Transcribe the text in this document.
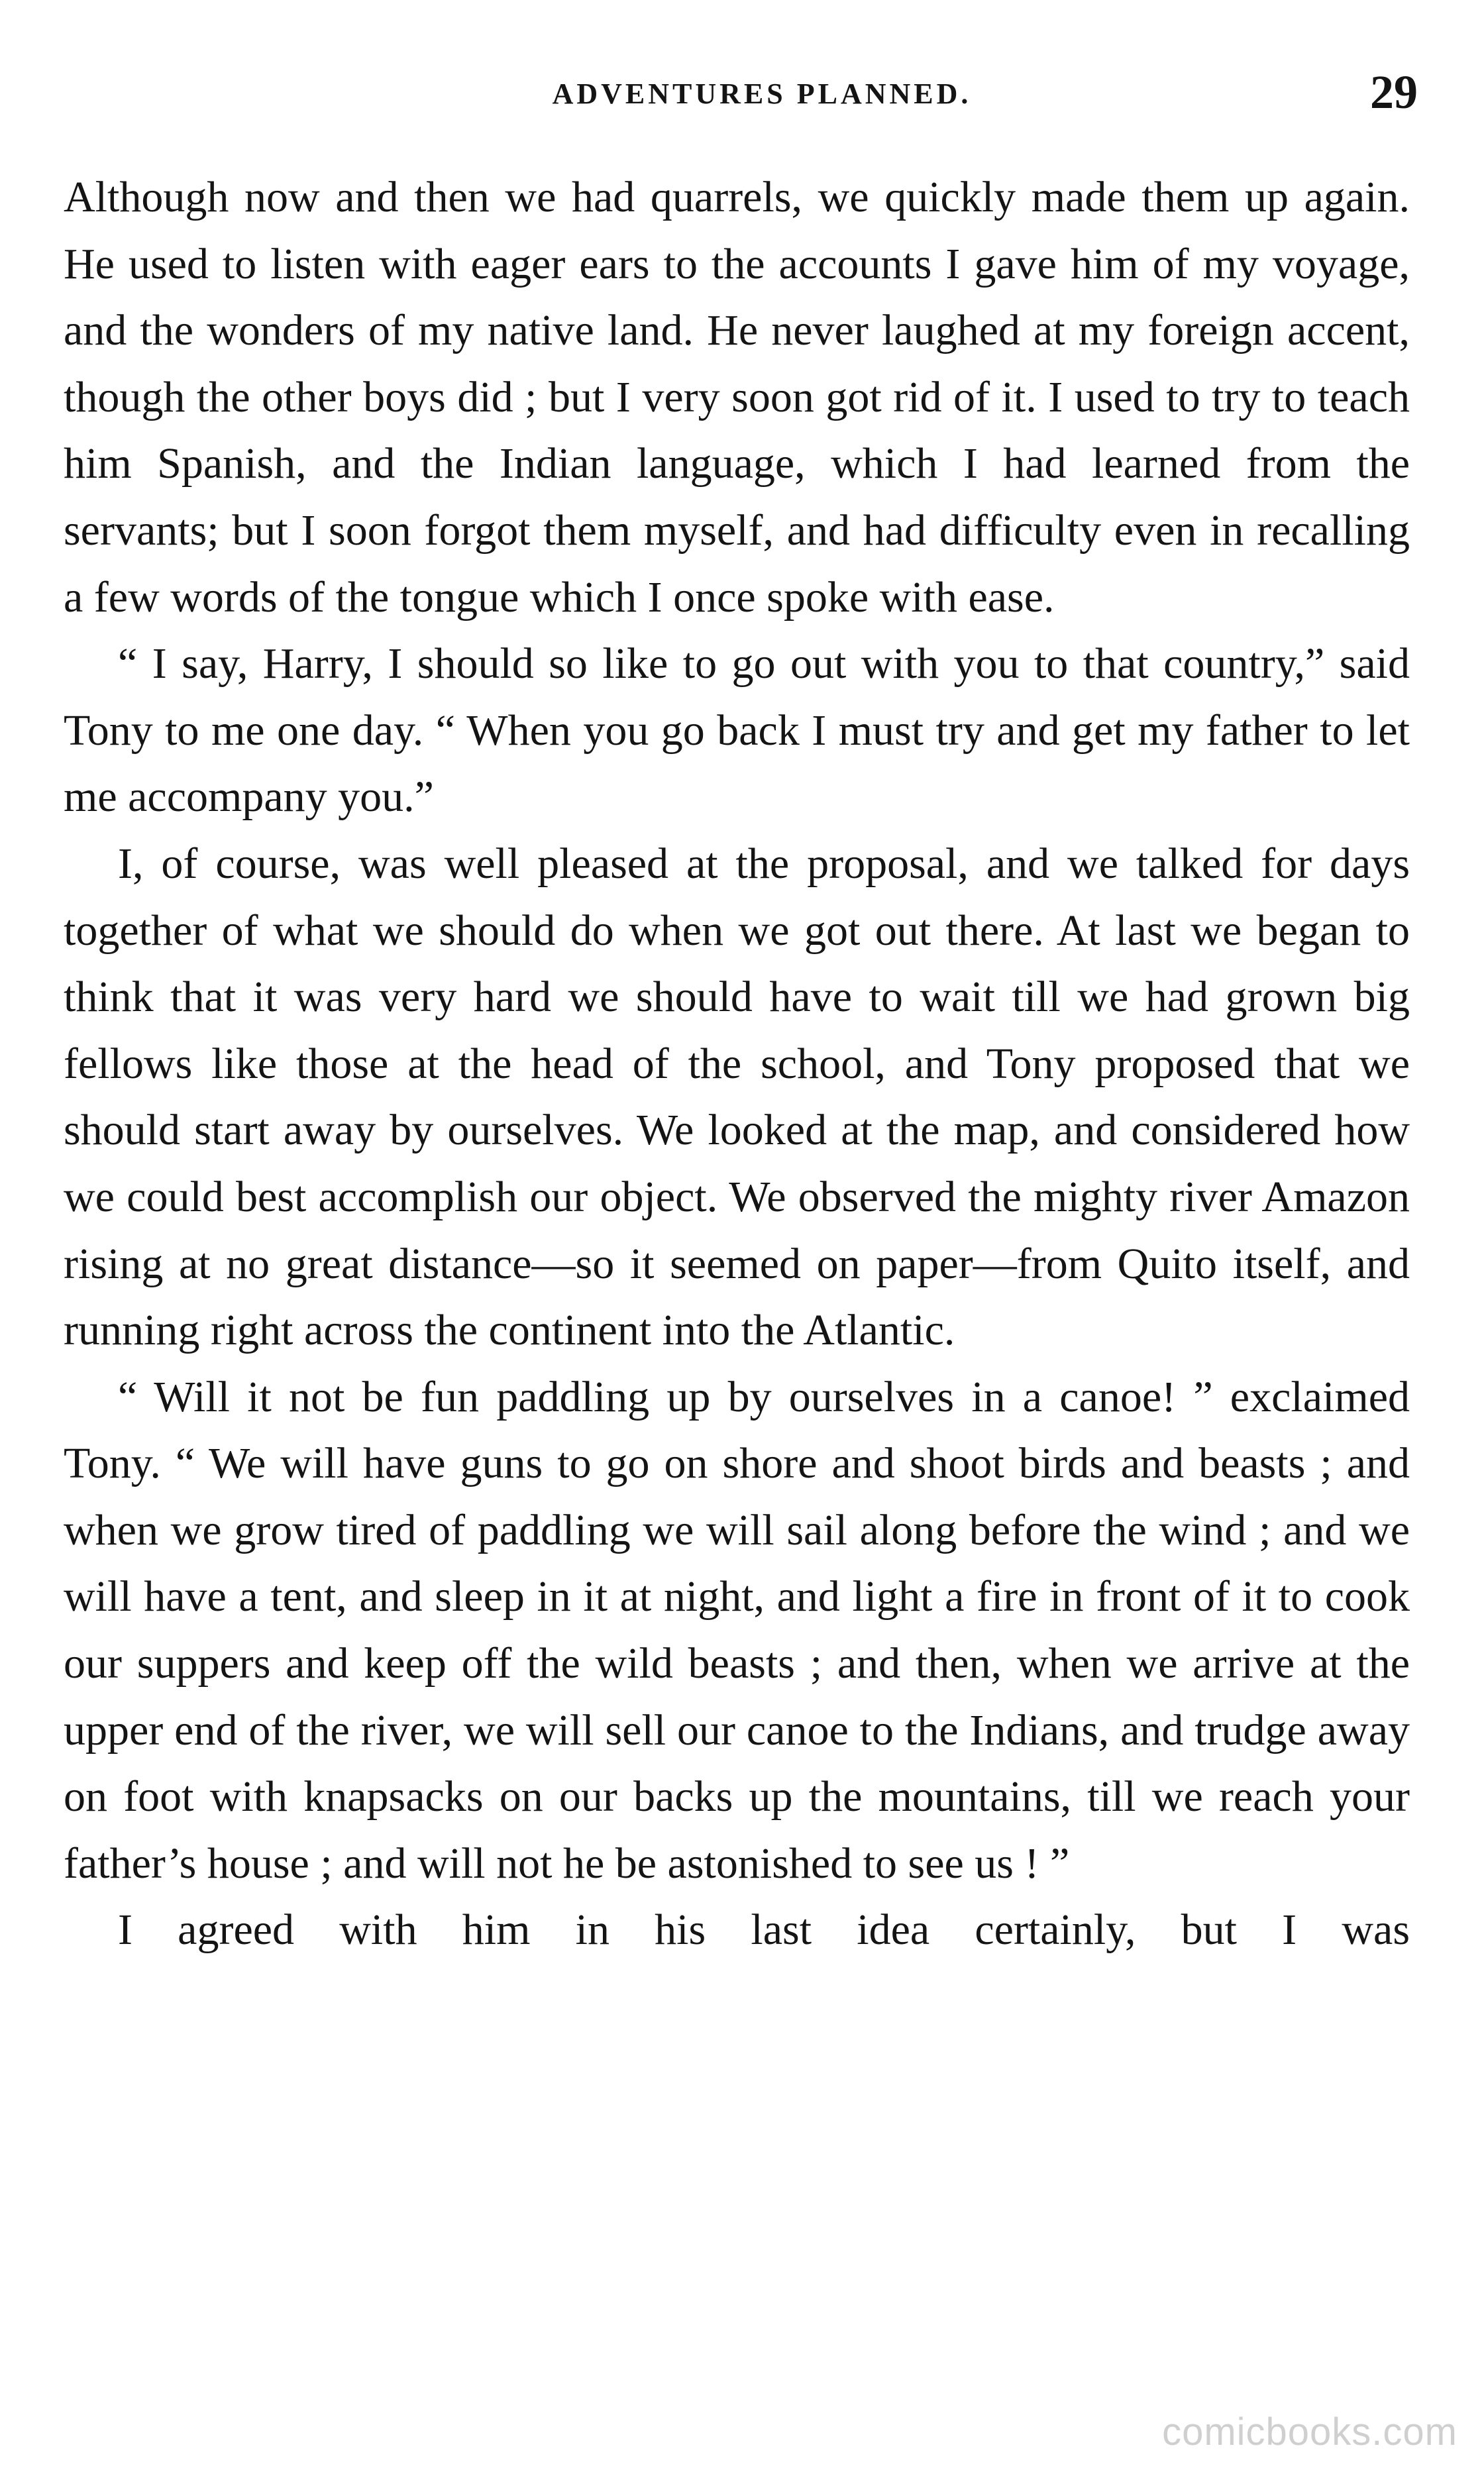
ADVENTURES PLANNED.	29

Although now and then we had quarrels, we quickly made them up again. He used to listen with eager ears to the accounts I gave him of my voyage, and the wonders of my native land. He never laughed at my foreign accent, though the other boys did ; but I very soon got rid of it. I used to try to teach him Spanish, and the Indian language, which I had learned from the servants; but I soon forgot them myself, and had difficulty even in recalling a few words of the tongue which I once spoke with ease.

“ I say, Harry, I should so like to go out with you to that country,” said Tony to me one day. “ When you go back I must try and get my father to let me accompany you.”

I, of course, was well pleased at the proposal, and we talked for days together of what we should do when we got out there. At last we began to think that it was very hard we should have to wait till we had grown big fellows like those at the head of the school, and Tony proposed that we should start away by ourselves. We looked at the map, and considered how we could best accomplish our object. We observed the mighty river Amazon rising at no great distance—so it seemed on paper—from Quito itself, and running right across the continent into the Atlantic.

“ Will it not be fun paddling up by ourselves in a canoe! ” exclaimed Tony. “ We will have guns to go on shore and shoot birds and beasts ; and when we grow tired of paddling we will sail along before the wind ; and we will have a tent, and sleep in it at night, and light a fire in front of it to cook our suppers and keep off the wild beasts ; and then, when we arrive at the upper end of the river, we will sell our canoe to the Indians, and trudge away on foot with knapsacks on our backs up the mountains, till we reach your father’s house ; and will not he be astonished to see us ! ”

I agreed with him in his last idea certainly, but I was

comicbooks.com
